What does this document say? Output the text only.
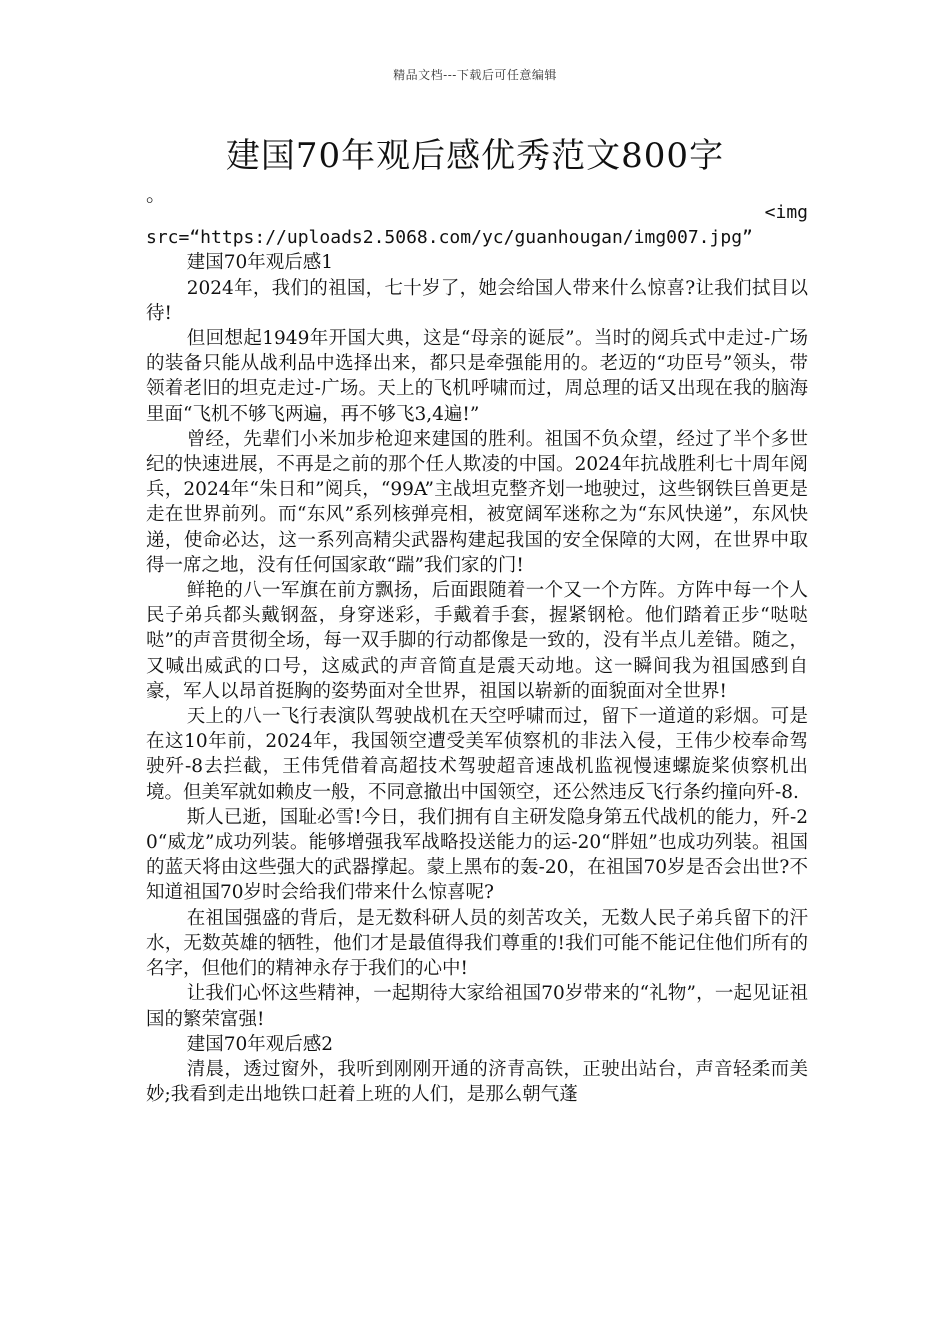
精品文档---下载后可任意编辑
建国70年观后感优秀范文800字
。

<img
src=“https://uploads2.5068.com/yc/guanhougan/img007.jpg”

建国70年观后感1

2024年，我们的祖国，七十岁了，她会给国人带来什么惊喜?让我们拭目以待!

但回想起1949年开国大典，这是“母亲的诞辰”。当时的阅兵式中走过-广场的装备只能从战利品中选择出来，都只是牵强能用的。老迈的“功臣号”领头，带领着老旧的坦克走过-广场。天上的飞机呼啸而过，周总理的话又出现在我的脑海里面“飞机不够飞两遍，再不够飞3,4遍!”

曾经，先辈们小米加步枪迎来建国的胜利。祖国不负众望，经过了半个多世纪的快速进展，不再是之前的那个任人欺凌的中国。2024年抗战胜利七十周年阅兵，2024年“朱日和”阅兵，“99A”主战坦克整齐划一地驶过，这些钢铁巨兽更是走在世界前列。而“东风”系列核弹亮相，被宽阔军迷称之为“东风快递”，东风快递，使命必达，这一系列高精尖武器构建起我国的安全保障的大网，在世界中取得一席之地，没有任何国家敢“踹”我们家的门!

鲜艳的八一军旗在前方飘扬，后面跟随着一个又一个方阵。方阵中每一个人民子弟兵都头戴钢盔，身穿迷彩，手戴着手套，握紧钢枪。他们踏着正步“哒哒哒”的声音贯彻全场，每一双手脚的行动都像是一致的，没有半点儿差错。随之，又喊出威武的口号，这威武的声音简直是震天动地。这一瞬间我为祖国感到自豪，军人以昂首挺胸的姿势面对全世界，祖国以崭新的面貌面对全世界!

天上的八一飞行表演队驾驶战机在天空呼啸而过，留下一道道的彩烟。可是在这10年前，2024年，我国领空遭受美军侦察机的非法入侵，王伟少校奉命驾驶歼-8去拦截，王伟凭借着高超技术驾驶超音速战机监视慢速螺旋桨侦察机出境。但美军就如赖皮一般，不同意撤出中国领空，还公然违反飞行条约撞向歼-8.

斯人已逝，国耻必雪!今日，我们拥有自主研发隐身第五代战机的能力，歼-20“威龙”成功列装。能够增强我军战略投送能力的运-20“胖妞”也成功列装。祖国的蓝天将由这些强大的武器撑起。蒙上黑布的轰-20，在祖国70岁是否会出世?不知道祖国70岁时会给我们带来什么惊喜呢?

在祖国强盛的背后，是无数科研人员的刻苦攻关，无数人民子弟兵留下的汗水，无数英雄的牺牲，他们才是最值得我们尊重的!我们可能不能记住他们所有的名字，但他们的精神永存于我们的心中!

让我们心怀这些精神，一起期待大家给祖国70岁带来的“礼物”，一起见证祖国的繁荣富强!

建国70年观后感2

清晨，透过窗外，我听到刚刚开通的济青高铁，正驶出站台，声音轻柔而美妙;我看到走出地铁口赶着上班的人们，是那么朝气蓬
